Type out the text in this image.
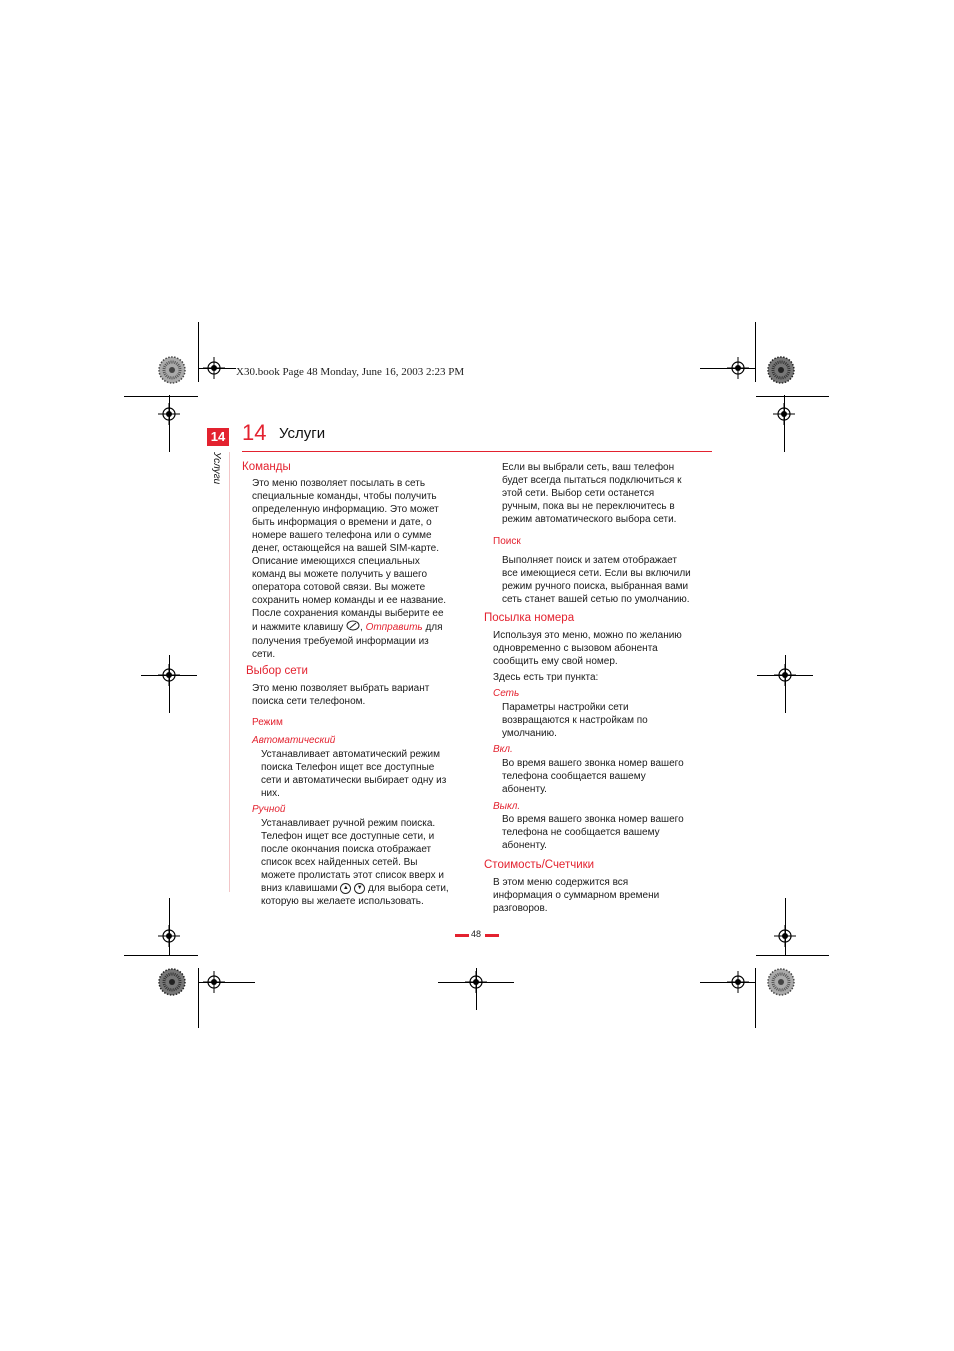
X30.book Page 48 Monday, June 16, 2003 2:23 PM
14 14 Услуги
Услуги Команды
Это меню позволяет посылать в сеть
специальные команды, чтобы получить
определенную информацию. Это может
быть информация о времени и дате, о
номере вашего телефона или о сумме
денег, остающейся на вашей SIM-карте.
Описание имеющихся специальных
команд вы можете получить у вашего
оператора сотовой связи. Вы можете
сохранить номер команды и ее название.
После сохранения команды выберите ее
и нажмите клавишу , Отправить для
получения требуемой информации из
сети.
Выбор сети
Это меню позволяет выбрать вариант
поиска сети телефоном.
Режим
Автоматический
Устанавливает автоматический режим
поиска Телефон ищет все доступные
сети и автоматически выбирает одну из
них.
Ручной
Устанавливает ручной режим поиска.
Телефон ищет все доступные сети, и
после окончания поиска отображает
список всех найденных сетей. Вы
можете пролистать этот список вверх и
вниз клавишами ▲ ▼ для выбора сети,
которую вы желаете использовать.
Если вы выбрали сеть, ваш телефон
будет всегда пытаться подключиться к
этой сети. Выбор сети останется
ручным, пока вы не переключитесь в
режим автоматического выбора сети.
Поиск
Выполняет поиск и затем отображает
все имеющиеся сети. Если вы включили
режим ручного поиска, выбранная вами
сеть станет вашей сетью по умолчанию.
Посылка номера
Используя это меню, можно по желанию
одновременно с вызовом абонента
сообщить ему свой номер.
Здесь есть три пункта:
Сеть
Параметры настройки сети
возвращаются к настройкам по
умолчанию.
Вкл.
Во время вашего звонка номер вашего
телефона сообщается вашему
абоненту.
Выкл.
Во время вашего звонка номер вашего
телефона не сообщается вашему
абоненту.
Стоимость/Счетчики
В этом меню содержится вся
информация о суммарном времени
разговоров.
48
